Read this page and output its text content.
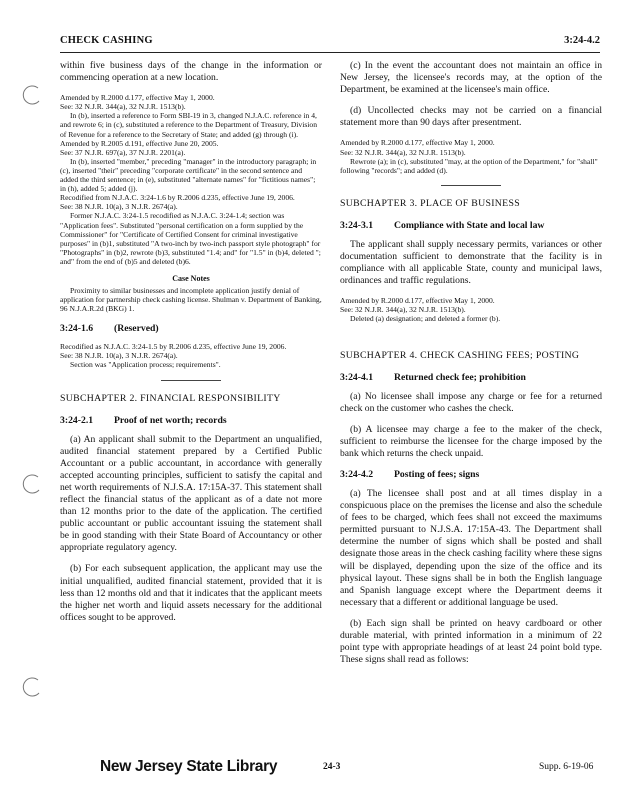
CHECK CASHING	3:24-4.2

within five business days of the change in the information or commencing operation at a new location.

Amended by R.2000 d.177, effective May 1, 2000.

See: 32 N.J.R. 344(a), 32 N.J.R. 1513(b).

In (b), inserted a reference to Form SBI-19 in 3, changed N.J.A.C. reference in 4, and rewrote 6; in (c), substituted a reference to the Department of Treasury, Division of Revenue for a reference to the Secretary of State; and added (g) through (i).

Amended by R.2005 d.191, effective June 20, 2005.

See: 37 N.J.R. 697(a), 37 N.J.R. 2201(a).

In (b), inserted "member," preceding "manager" in the introductory paragraph; in (c), inserted "their" preceding "corporate certificate" in the second sentence and added the third sentence; in (e), substituted "alternate names" for "fictitious names"; in (h), added 5; added (j).

Recodified from N.J.A.C. 3:24-1.6 by R.2006 d.235, effective June 19, 2006.

See: 38 N.J.R. 10(a), 3 N.J.R. 2674(a).

Former N.J.A.C. 3:24-1.5 recodified as N.J.A.C. 3:24-1.4; section was "Application fees". Substituted "personal certification on a form supplied by the Commissioner" for "Certificate of Certified Consent for criminal investigative purposes" in (b)1, substituted "A two-inch by two-inch passport style photograph" for "Photographs" in (b)2, rewrote (b)3, substituted "1.4; and" for "1.5" in (b)4, deleted "; and" from the end of (b)5 and deleted (b)6.

Case Notes

Proximity to similar businesses and incomplete application justify denial of application for partnership check cashing license. Shulman v. Department of Banking, 96 N.J.A.R.2d (BKG) 1.

3:24-1.6 (Reserved)

Recodified as N.J.A.C. 3:24-1.5 by R.2006 d.235, effective June 19, 2006.

See: 38 N.J.R. 10(a), 3 N.J.R. 2674(a).

Section was "Application process; requirements".

SUBCHAPTER 2. FINANCIAL RESPONSIBILITY
3:24-2.1 Proof of net worth; records

(a) An applicant shall submit to the Department an unqualified, audited financial statement prepared by a Certified Public Accountant or a public accountant, in accordance with generally accepted accounting principles, sufficient to satisfy the capital and net worth requirements of N.J.S.A. 17:15A-37. This statement shall reflect the financial status of the applicant as of a date not more than 12 months prior to the date of the application. The certified public accountant or public accountant issuing the statement shall be in good standing with their State Board of Accountancy or other appropriate regulatory agency.

(b) For each subsequent application, the applicant may use the initial unqualified, audited financial statement, provided that it is less than 12 months old and that it indicates that the applicant meets the higher net worth and liquid assets necessary for the additional offices sought to be approved.

(c) In the event the accountant does not maintain an office in New Jersey, the licensee's records may, at the option of the Department, be examined at the licensee's main office.

(d) Uncollected checks may not be carried on a financial statement more than 90 days after presentment.

Amended by R.2000 d.177, effective May 1, 2000.

See: 32 N.J.R. 344(a), 32 N.J.R. 1513(b).

Rewrote (a); in (c), substituted "may, at the option of the Department," for "shall" following "records"; and added (d).

SUBCHAPTER 3. PLACE OF BUSINESS
3:24-3.1 Compliance with State and local law

The applicant shall supply necessary permits, variances or other documentation sufficient to demonstrate that the facility is in compliance with all applicable State, county and municipal laws, ordinances and traffic regulations.

Amended by R.2000 d.177, effective May 1, 2000.

See: 32 N.J.R. 344(a), 32 N.J.R. 1513(b).

Deleted (a) designation; and deleted a former (b).

SUBCHAPTER 4. CHECK CASHING FEES; POSTING
3:24-4.1 Returned check fee; prohibition

(a) No licensee shall impose any charge or fee for a returned check on the customer who cashes the check.

(b) A licensee may charge a fee to the maker of the check, sufficient to reimburse the licensee for the charge imposed by the bank which returns the check unpaid.

3:24-4.2 Posting of fees; signs

(a) The licensee shall post and at all times display in a conspicuous place on the premises the license and also the schedule of fees to be charged, which fees shall not exceed the maximums permitted pursuant to N.J.S.A. 17:15A-43. The Department shall determine the number of signs which shall be posted and shall designate those areas in the check cashing facility where these signs will be displayed, depending upon the size of the office and its physical layout. These signs shall be in both the English language and Spanish language except where the Department deems it necessary that a different or additional language be used.

(b) Each sign shall be printed on heavy cardboard or other durable material, with printed information in a minimum of 22 point type with appropriate headings of at least 24 point bold type. These signs shall read as follows:

New Jersey State Library	24-3	Supp. 6-19-06
